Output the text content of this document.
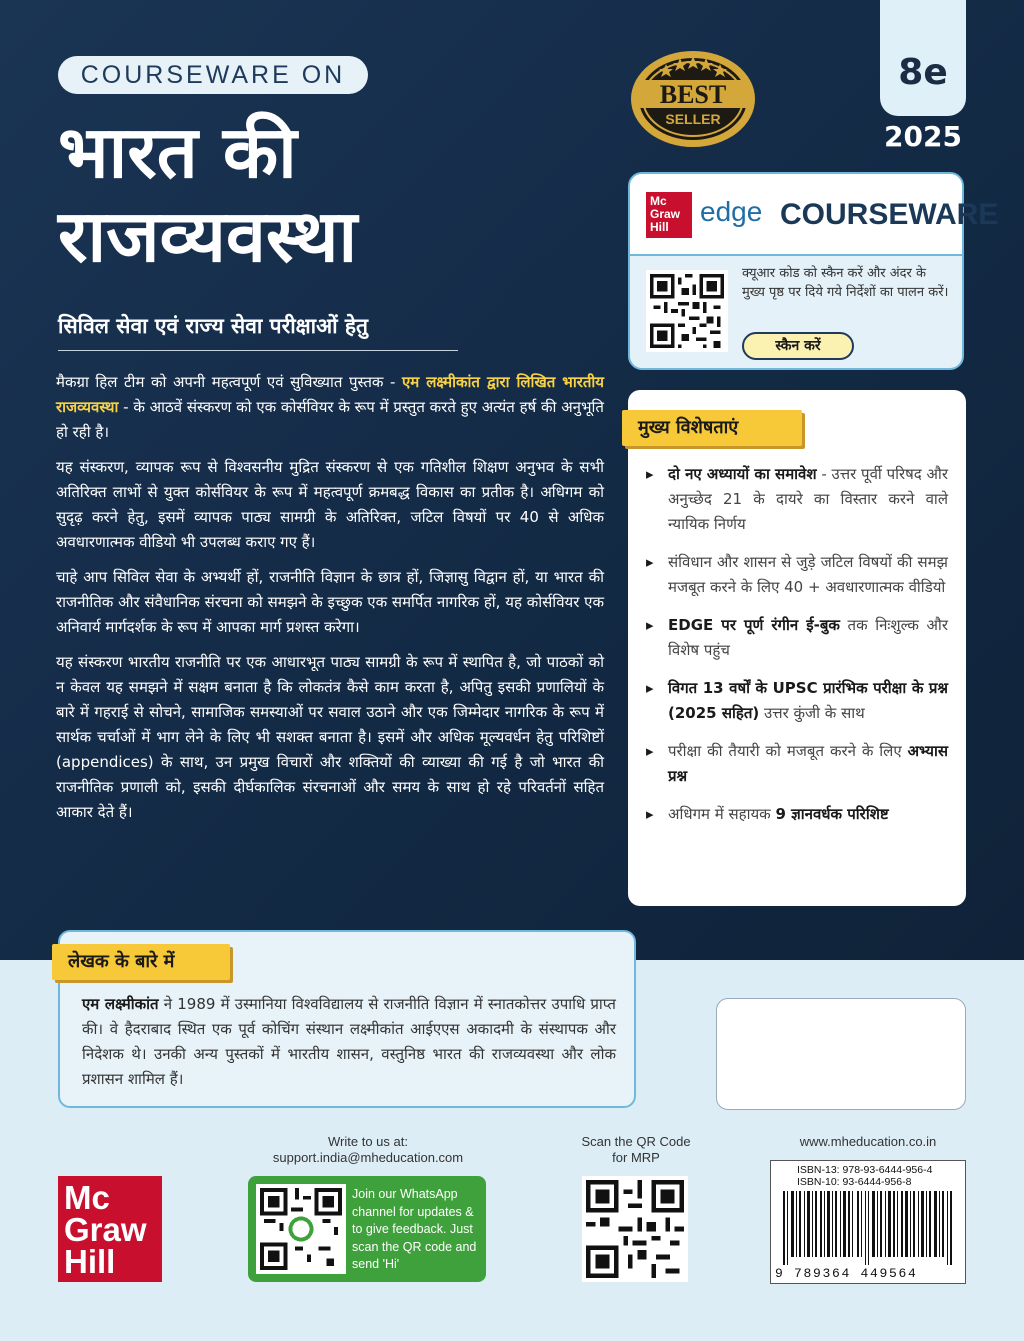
COURSEWARE ON
भारत की
राजव्यवस्था
सिविल सेवा एवं राज्य सेवा परीक्षाओं हेतु

मैकग्रा हिल टीम को अपनी महत्वपूर्ण एवं सुविख्यात पुस्तक - एम लक्ष्मीकांत द्वारा लिखित भारतीय राजव्यवस्था - के आठवें संस्करण को एक कोर्सवियर के रूप में प्रस्तुत करते हुए अत्यंत हर्ष की अनुभूति हो रही है।

यह संस्करण, व्यापक रूप से विश्वसनीय मुद्रित संस्करण से एक गतिशील शिक्षण अनुभव के सभी अतिरिक्त लाभों से युक्त कोर्सवियर के रूप में महत्वपूर्ण क्रमबद्ध विकास का प्रतीक है। अधिगम को सुदृढ़ करने हेतु, इसमें व्यापक पाठ्य सामग्री के अतिरिक्त, जटिल विषयों पर 40 से अधिक अवधारणात्मक वीडियो भी उपलब्ध कराए गए हैं।

चाहे आप सिविल सेवा के अभ्यर्थी हों, राजनीति विज्ञान के छात्र हों, जिज्ञासु विद्वान हों, या भारत की राजनीतिक और संवैधानिक संरचना को समझने के इच्छुक एक समर्पित नागरिक हों, यह कोर्सवियर एक अनिवार्य मार्गदर्शक के रूप में आपका मार्ग प्रशस्त करेगा।

यह संस्करण भारतीय राजनीति पर एक आधारभूत पाठ्य सामग्री के रूप में स्थापित है, जो पाठकों को न केवल यह समझने में सक्षम बनाता है कि लोकतंत्र कैसे काम करता है, अपितु इसकी प्रणालियों के बारे में गहराई से सोचने, सामाजिक समस्याओं पर सवाल उठाने और एक जिम्मेदार नागरिक के रूप में सार्थक चर्चाओं में भाग लेने के लिए भी सशक्त बनाता है। इसमें और अधिक मूल्यवर्धन हेतु परिशिष्टों (appendices) के साथ, उन प्रमुख विचारों और शक्तियों की व्याख्या की गई है जो भारत की राजनीतिक प्रणाली को, इसकी दीर्घकालिक संरचनाओं और समय के साथ हो रहे परिवर्तनों सहित आकार देते हैं।

BEST
SELLER
8e
2025
Mc
Graw
Hill	edge COURSEWARE
क्यूआर कोड को स्कैन करें और अंदर के मुख्य पृष्ठ पर दिये गये निर्देशों का पालन करें।
स्कैन करें
मुख्य विशेषताएं
▸ दो नए अध्यायों का समावेश - उत्तर पूर्वी परिषद और अनुच्छेद 21 के दायरे का विस्तार करने वाले न्यायिक निर्णय
▸ संविधान और शासन से जुड़े जटिल विषयों की समझ मजबूत करने के लिए 40 + अवधारणात्मक वीडियो
▸ EDGE पर पूर्ण रंगीन ई-बुक तक निःशुल्क और विशेष पहुंच
▸ विगत 13 वर्षों के UPSC प्रारंभिक परीक्षा के प्रश्न (2025 सहित) उत्तर कुंजी के साथ
▸ परीक्षा की तैयारी को मजबूत करने के लिए अभ्यास प्रश्न
▸ अधिगम में सहायक 9 ज्ञानवर्धक परिशिष्ट
लेखक के बारे में
एम लक्ष्मीकांत ने 1989 में उस्मानिया विश्वविद्यालय से राजनीति विज्ञान में स्नातकोत्तर उपाधि प्राप्त की। वे हैदराबाद स्थित एक पूर्व कोचिंग संस्थान लक्ष्मीकांत आईएएस अकादमी के संस्थापक और निदेशक थे। उनकी अन्य पुस्तकों में भारतीय शासन, वस्तुनिष्ठ भारत की राजव्यवस्था और लोक प्रशासन शामिल हैं।
Mc
Graw
Hill
Write to us at:
support.india@mheducation.com
Join our WhatsApp channel for updates & to give feedback. Just scan the QR code and send 'Hi'
Scan the QR Code
for MRP
www.mheducation.co.in
ISBN-13: 978-93-6444-956-4
ISBN-10: 93-6444-956-8
9 789364 449564
